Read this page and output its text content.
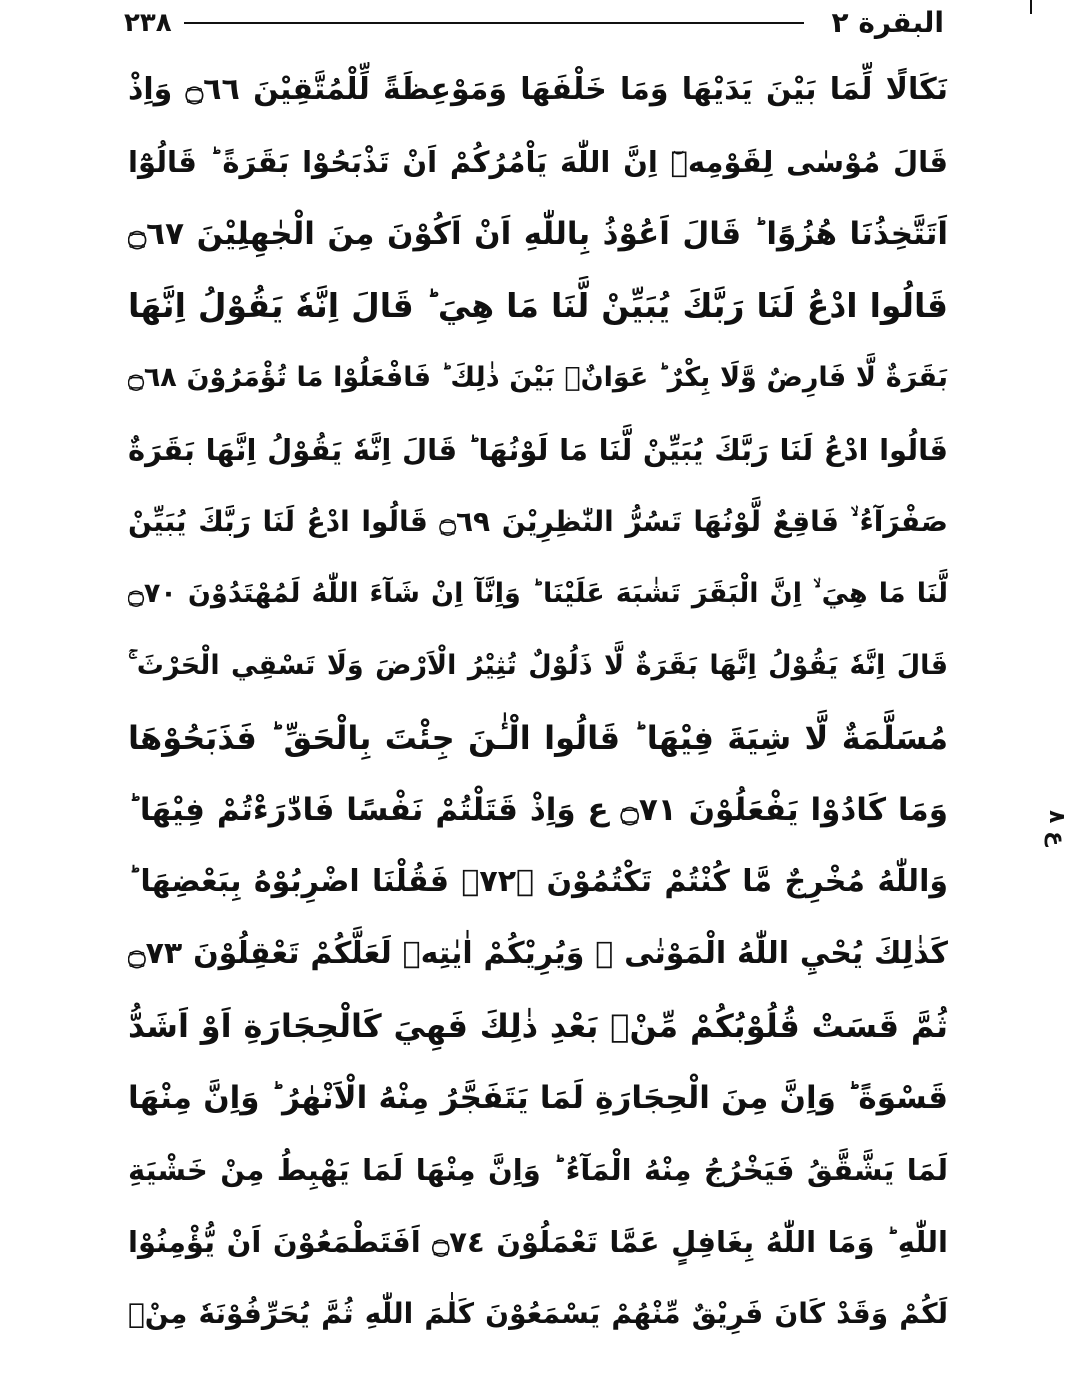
۲۳۸	البقرة ۲
نَكَالًا لِّمَا بَيْنَ يَدَيْهَا وَمَا خَلْفَهَا وَمَوْعِظَةً لِّلْمُتَّقِيْنَ ۝٦٦ وَاِذْ
قَالَ مُوْسٰى لِقَوْمِهٖٓ اِنَّ اللّٰهَ يَاْمُرُكُمْ اَنْ تَذْبَحُوْا بَقَرَةً ؕ قَالُوْٓا
اَتَتَّخِذُنَا هُزُوًا ؕ قَالَ اَعُوْذُ بِاللّٰهِ اَنْ اَكُوْنَ مِنَ الْجٰهِلِيْنَ ۝٦٧
قَالُوا ادْعُ لَنَا رَبَّكَ يُبَيِّنْ لَّنَا مَا هِيَ ؕ قَالَ اِنَّهٗ يَقُوْلُ اِنَّهَا
بَقَرَةٌ لَّا فَارِضٌ وَّلَا بِكْرٌ ؕ عَوَانٌۢ بَيْنَ ذٰلِكَ ؕ فَافْعَلُوْا مَا تُؤْمَرُوْنَ ۝٦٨
قَالُوا ادْعُ لَنَا رَبَّكَ يُبَيِّنْ لَّنَا مَا لَوْنُهَا ؕ قَالَ اِنَّهٗ يَقُوْلُ اِنَّهَا بَقَرَةٌ
صَفْرَآءُ ۙ فَاقِعٌ لَّوْنُهَا تَسُرُّ النّٰظِرِيْنَ ۝٦٩ قَالُوا ادْعُ لَنَا رَبَّكَ يُبَيِّنْ
لَّنَا مَا هِيَ ۙ اِنَّ الْبَقَرَ تَشٰبَهَ عَلَيْنَا ؕ وَاِنَّآ اِنْ شَآءَ اللّٰهُ لَمُهْتَدُوْنَ ۝٧٠
قَالَ اِنَّهٗ يَقُوْلُ اِنَّهَا بَقَرَةٌ لَّا ذَلُوْلٌ تُثِيْرُ الْاَرْضَ وَلَا تَسْقِي الْحَرْثَ ۚ
مُسَلَّمَةٌ لَّا شِيَةَ فِيْهَا ؕ قَالُوا الْـٰٔنَ جِئْتَ بِالْحَقِّ ؕ فَذَبَحُوْهَا
وَمَا كَادُوْا يَفْعَلُوْنَ ۝٧١ ع وَاِذْ قَتَلْتُمْ نَفْسًا فَادّٰرَءْتُمْ فِيْهَا ؕ
وَاللّٰهُ مُخْرِجٌ مَّا كُنْتُمْ تَكْتُمُوْنَ ۝٧٢ۚ فَقُلْنَا اضْرِبُوْهُ بِبَعْضِهَا ؕ
كَذٰلِكَ يُحْيِ اللّٰهُ الْمَوْتٰى ۙ وَيُرِيْكُمْ اٰيٰتِهٖ لَعَلَّكُمْ تَعْقِلُوْنَ ۝٧٣
ثُمَّ قَسَتْ قُلُوْبُكُمْ مِّنْۢ بَعْدِ ذٰلِكَ فَهِيَ كَالْحِجَارَةِ اَوْ اَشَدُّ
قَسْوَةً ؕ وَاِنَّ مِنَ الْحِجَارَةِ لَمَا يَتَفَجَّرُ مِنْهُ الْاَنْهٰرُ ؕ وَاِنَّ مِنْهَا
لَمَا يَشَّقَّقُ فَيَخْرُجُ مِنْهُ الْمَآءُ ؕ وَاِنَّ مِنْهَا لَمَا يَهْبِطُ مِنْ خَشْيَةِ
اللّٰهِ ؕ وَمَا اللّٰهُ بِغَافِلٍ عَمَّا تَعْمَلُوْنَ ۝٧٤ اَفَتَطْمَعُوْنَ اَنْ يُّؤْمِنُوْا
لَكُمْ وَقَدْ كَانَ فَرِيْقٌ مِّنْهُمْ يَسْمَعُوْنَ كَلٰمَ اللّٰهِ ثُمَّ يُحَرِّفُوْنَهٗ مِنْۢ
ع ۸
